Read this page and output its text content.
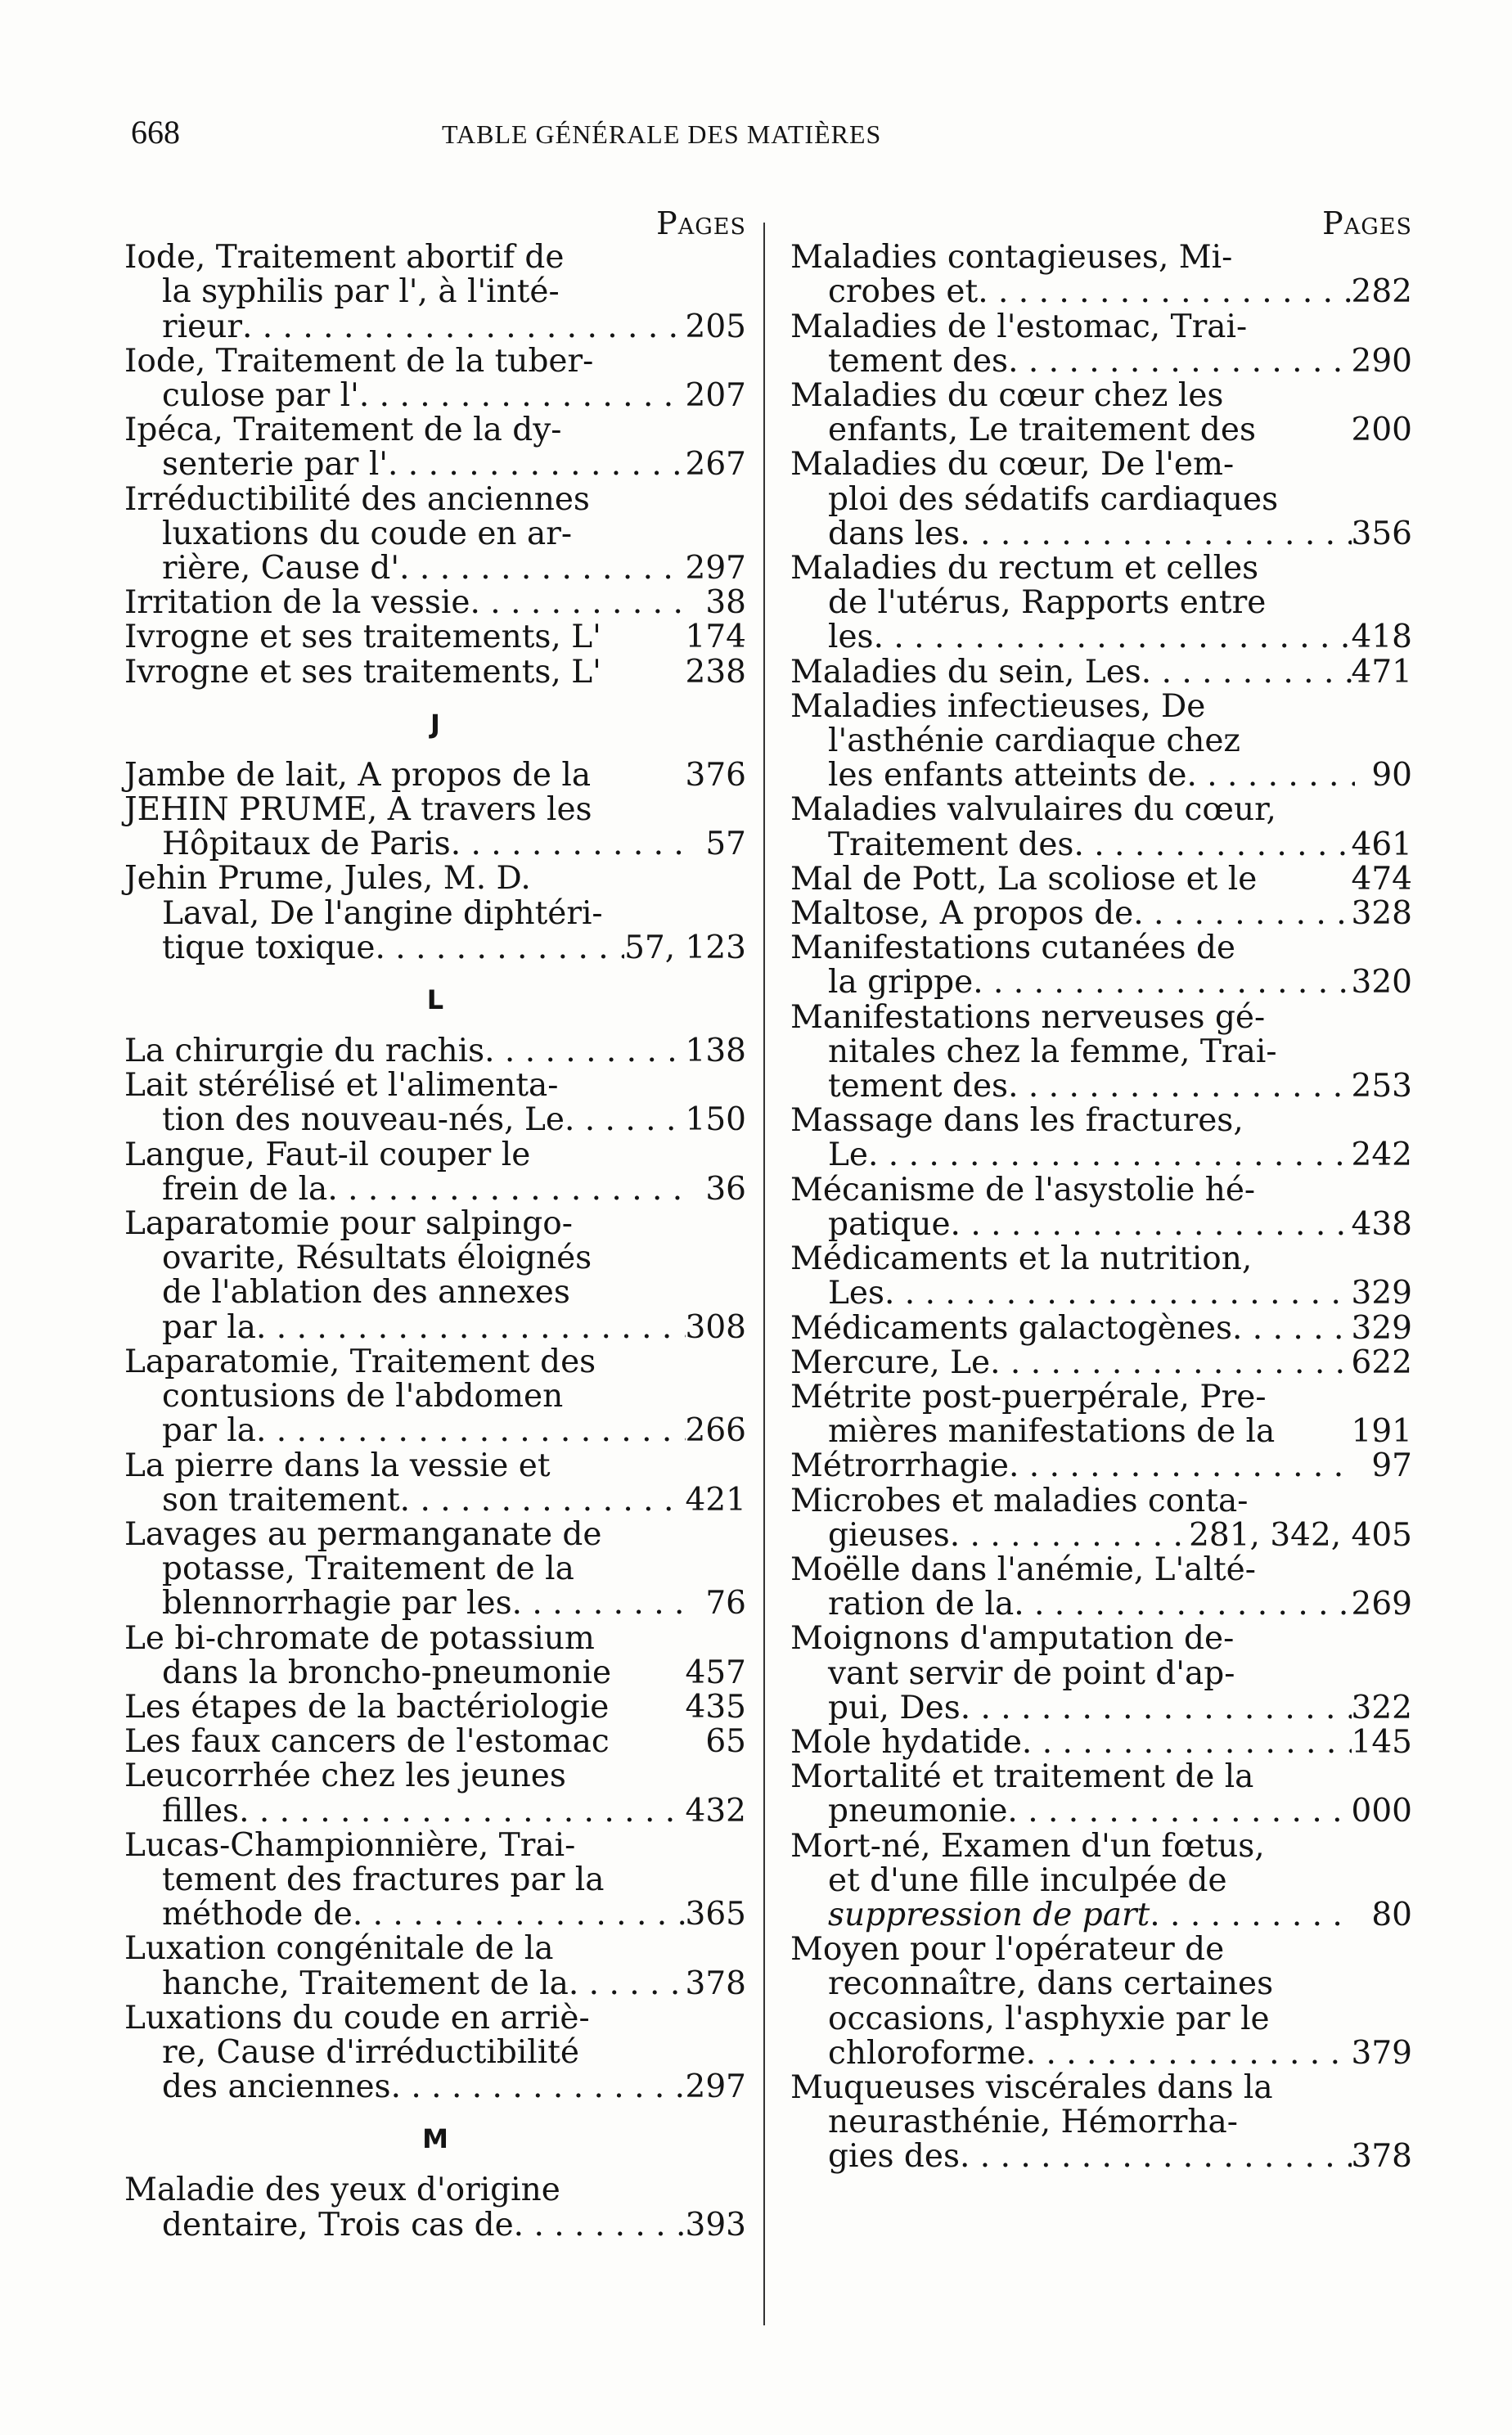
668	TABLE GÉNÉRALE DES MATIÈRES
Pages
Iode, Traitement abortif de
la syphilis par l', à l'inté-
rieur . . .	205
Iode, Traitement de la tuber-
culose par l' . . .	207
Ipéca, Traitement de la dy-
senterie par l' . . .	267
Irréductibilité des anciennes
luxations du coude en ar-
rière, Cause d' . . .	297
Irritation de la vessie . . .	38
Ivrogne et ses traitements, L'	174
Ivrogne et ses traitements, L'	238
J
Jambe de lait, A propos de la	376
JEHIN PRUME, A travers les
Hôpitaux de Paris . . .	57
Jehin Prume, Jules, M. D.
Laval, De l'angine diphtéri-
tique toxique . . .	57, 123
L
La chirurgie du rachis . . .	138
Lait stérélisé et l'alimenta-
tion des nouveau-nés, Le . . .	150
Langue, Faut-il couper le
frein de la . . .	36
Laparatomie pour salpingo-
ovarite, Résultats éloignés
de l'ablation des annexes
par la . . .	308
Laparatomie, Traitement des
contusions de l'abdomen
par la . . .	266
La pierre dans la vessie et
son traitement . . .	421
Lavages au permanganate de
potasse, Traitement de la
blennorrhagie par les . . .	76
Le bi-chromate de potassium
dans la broncho-pneumonie 457
Les étapes de la bactériologie 435
Les faux cancers de l'estomac	65
Leucorrhée chez les jeunes
filles . . .	432
Lucas-Championnière, Trai-
tement des fractures par la
méthode de . . .	365
Luxation congénitale de la
hanche, Traitement de la . . .	378
Luxations du coude en arriè-
re, Cause d'irréductibilité
des anciennes . . .	297
M
Maladie des yeux d'origine
dentaire, Trois cas de . . .	393
Pages
Maladies contagieuses, Mi-
crobes et . . .	282
Maladies de l'estomac, Trai-
tement des . . .	290
Maladies du cœur chez les
enfants, Le traitement des	200
Maladies du cœur, De l'em-
ploi des sédatifs cardiaques
dans les . . .	356
Maladies du rectum et celles
de l'utérus, Rapports entre
les . . .	418
Maladies du sein, Les . . .	471
Maladies infectieuses, De
l'asthénie cardiaque chez
les enfants atteints de . . .	90
Maladies valvulaires du cœur,
Traitement des . . .	461
Mal de Pott, La scoliose et le	474
Maltose, A propos de . . .	328
Manifestations cutanées de
la grippe . . .	320
Manifestations nerveuses gé-
nitales chez la femme, Trai-
tement des . . .	253
Massage dans les fractures,
Le . . .	242
Mécanisme de l'asystolie hé-
patique . . .	438
Médicaments et la nutrition,
Les . . .	329
Médicaments galactogènes . . .	329
Mercure, Le . . .	622
Métrite post-puerpérale, Pre-
mières manifestations de la 191
Métrorrhagie . . .	97
Microbes et maladies conta-
gieuses . . .	281, 342, 405
Moëlle dans l'anémie, L'alté-
ration de la . . .	269
Moignons d'amputation de-
vant servir de point d'ap-
pui, Des . . .	322
Mole hydatide . . .	145
Mortalité et traitement de la
pneumonie . . .	000
Mort-né, Examen d'un fœtus,
et d'une fille inculpée de
suppression de part . . .	80
Moyen pour l'opérateur de
reconnaître, dans certaines
occasions, l'asphyxie par le
chloroforme . . .	379
Muqueuses viscérales dans la
neurasthénie, Hémorrha-
gies des . . .	378
